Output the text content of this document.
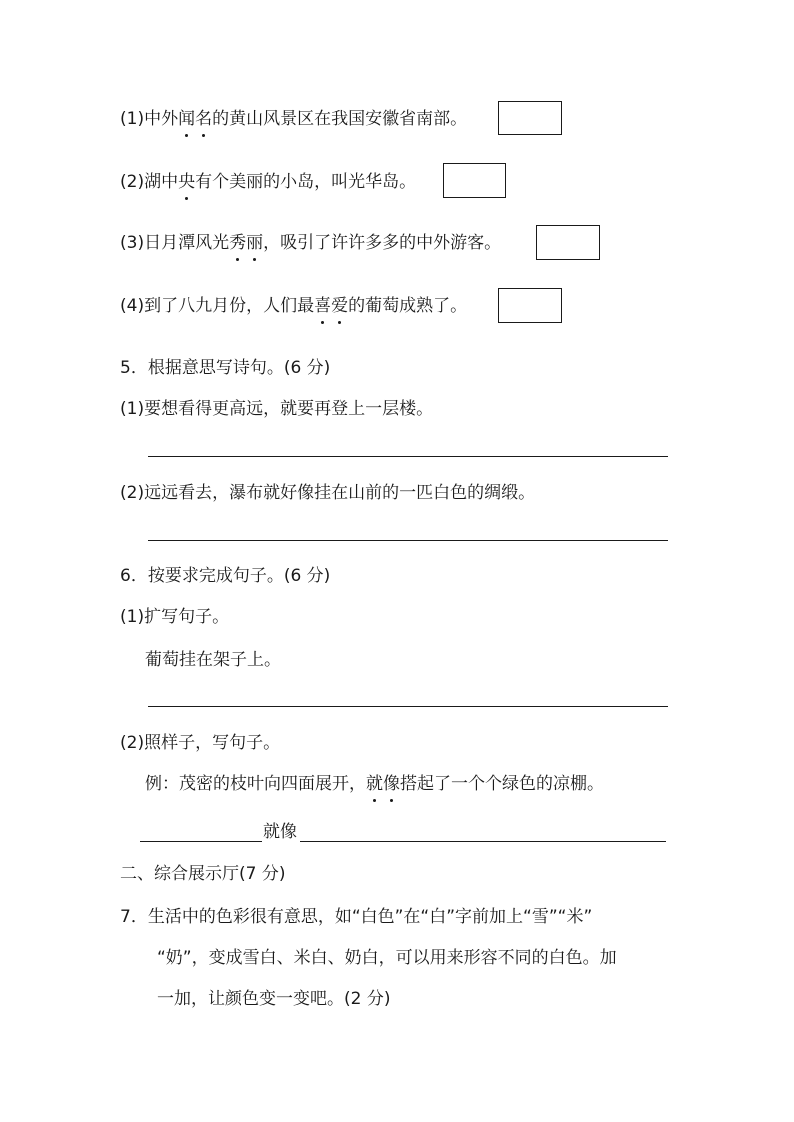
(1)中外闻名的黄山风景区在我国安徽省南部。
(2)湖中央有个美丽的小岛，叫光华岛。
(3)日月潭风光秀丽，吸引了许许多多的中外游客。
(4)到了八九月份，人们最喜爱的葡萄成熟了。
5．根据意思写诗句。(6 分)
(1)要想看得更高远，就要再登上一层楼。
(2)远远看去，瀑布就好像挂在山前的一匹白色的绸缎。
6．按要求完成句子。(6 分)
(1)扩写句子。
葡萄挂在架子上。
(2)照样子，写句子。
例：茂密的枝叶向四面展开，就像搭起了一个个绿色的凉棚。
就像
二、综合展示厅(7 分)
7．生活中的色彩很有意思，如“白色”在“白”字前加上“雪”“米”
“奶”，变成雪白、米白、奶白，可以用来形容不同的白色。加
一加，让颜色变一变吧。(2 分)
